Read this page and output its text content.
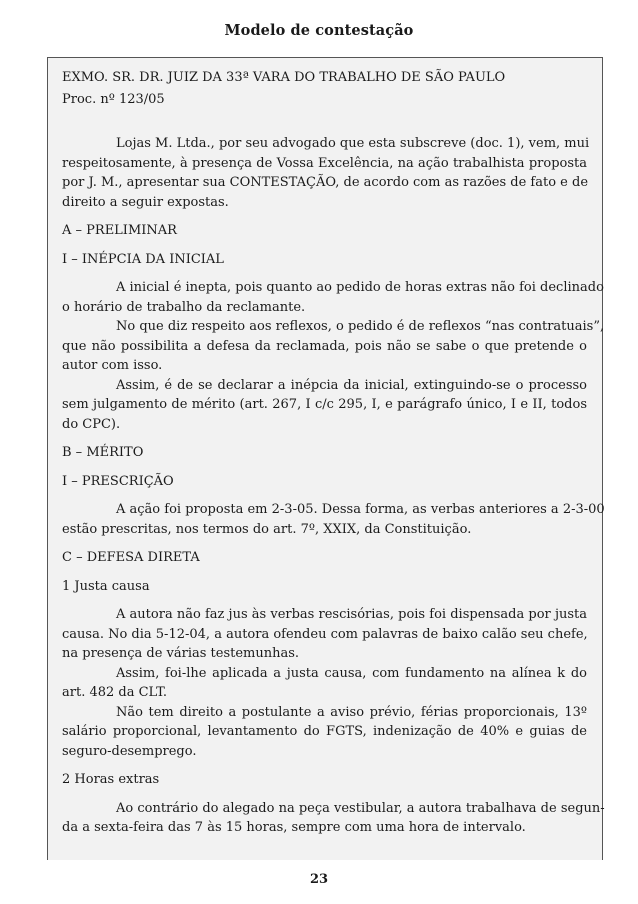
Modelo de contestação
EXMO. SR. DR. JUIZ DA 33ª VARA DO TRABALHO DE SÃO PAULO
Proc. nº 123/05
Lojas M. Ltda., por seu advogado que esta subscreve (doc. 1), vem, mui
respeitosamente, à presença de Vossa Excelência, na ação trabalhista proposta
por J. M., apresentar sua CONTESTAÇÃO, de acordo com as razões de fato e de
direito a seguir expostas.
A – PRELIMINAR
I – INÉPCIA DA INICIAL
A inicial é inepta, pois quanto ao pedido de horas extras não foi declinado
o horário de trabalho da reclamante.
No que diz respeito aos reflexos, o pedido é de reflexos “nas contratuais”,
que não possibilita a defesa da reclamada, pois não se sabe o que pretende o
autor com isso.
Assim, é de se declarar a inépcia da inicial, extinguindo-se o processo
sem julgamento de mérito (art. 267, I c/c 295, I, e parágrafo único, I e II, todos
do CPC).
B – MÉRITO
I – PRESCRIÇÃO
A ação foi proposta em 2-3-05. Dessa forma, as verbas anteriores a 2-3-00
estão prescritas, nos termos do art. 7º, XXIX, da Constituição.
C – DEFESA DIRETA
1 Justa causa
A autora não faz jus às verbas rescisórias, pois foi dispensada por justa
causa. No dia 5-12-04, a autora ofendeu com palavras de baixo calão seu chefe,
na presença de várias testemunhas.
Assim, foi-lhe aplicada a justa causa, com fundamento na alínea k do
art. 482 da CLT.
Não tem direito a postulante a aviso prévio, férias proporcionais, 13º
salário proporcional, levantamento do FGTS, indenização de 40% e guias de
seguro-desemprego.
2 Horas extras
Ao contrário do alegado na peça vestibular, a autora trabalhava de segun-
da a sexta-feira das 7 às 15 horas, sempre com uma hora de intervalo.
23
